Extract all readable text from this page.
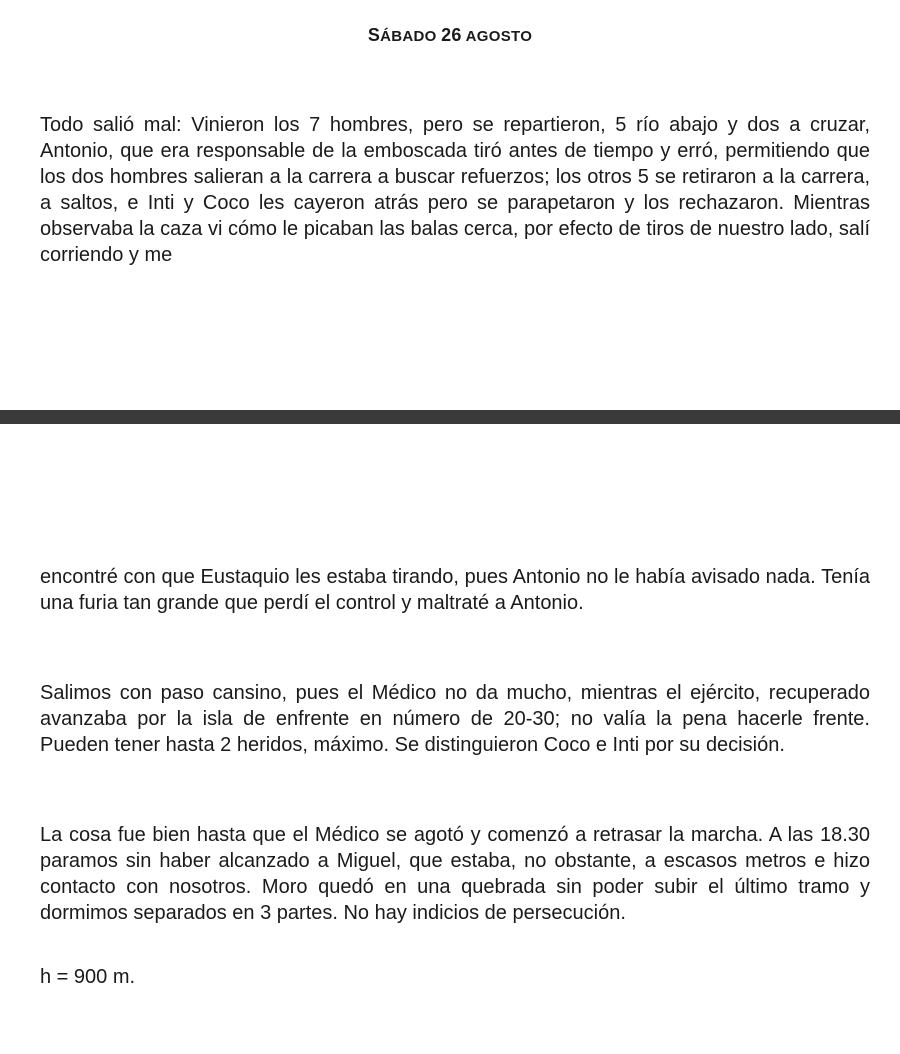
SÁBADO 26 AGOSTO

Todo salió mal: Vinieron los 7 hombres, pero se repartieron, 5 río abajo y dos a cruzar, Antonio, que era responsable de la emboscada tiró antes de tiempo y erró, permitiendo que los dos hombres salieran a la carrera a buscar refuerzos; los otros 5 se retiraron a la carrera, a saltos, e Inti y Coco les cayeron atrás pero se parapetaron y los rechazaron. Mientras observaba la caza vi cómo le picaban las balas cerca, por efecto de tiros de nuestro lado, salí corriendo y me

encontré con que Eustaquio les estaba tirando, pues Antonio no le había avisado nada. Tenía una furia tan grande que perdí el control y maltraté a Antonio.

Salimos con paso cansino, pues el Médico no da mucho, mientras el ejército, recuperado avanzaba por la isla de enfrente en número de 20-30; no valía la pena hacerle frente. Pueden tener hasta 2 heridos, máximo. Se distinguieron Coco e Inti por su decisión.

La cosa fue bien hasta que el Médico se agotó y comenzó a retrasar la marcha. A las 18.30 paramos sin haber alcanzado a Miguel, que estaba, no obstante, a escasos metros e hizo contacto con nosotros. Moro quedó en una quebrada sin poder subir el último tramo y dormimos separados en 3 partes. No hay indicios de persecución.

h = 900 m.
